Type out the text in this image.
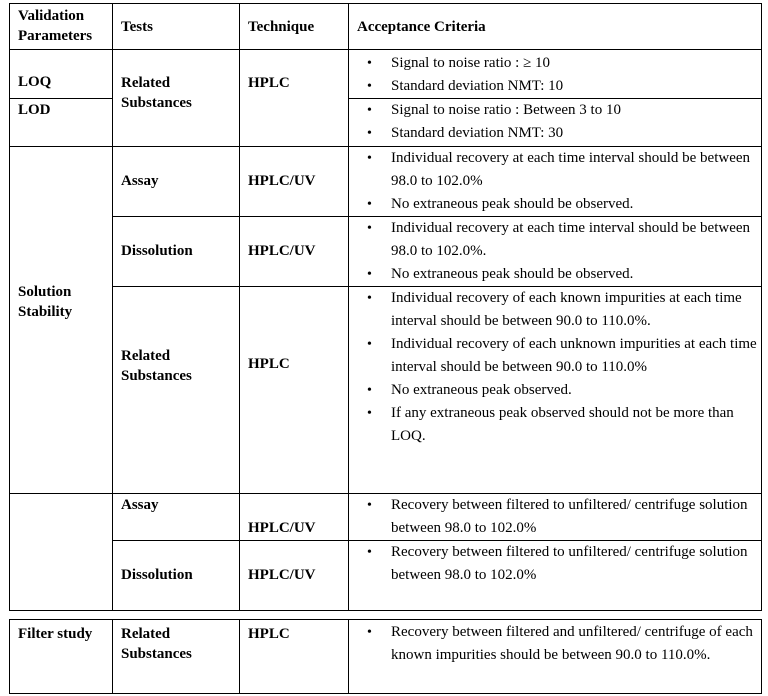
Validation Parameters
Tests	Technique	Acceptance Criteria
LOQ
LOD
Related Substances
HPLC
• Signal to noise ratio : ≥ 10
• Standard deviation NMT: 10
• Signal to noise ratio : Between 3 to 10
• Standard deviation NMT: 30
Solution Stability
Assay	HPLC/UV
• Individual recovery at each time interval should be between 98.0 to 102.0%
• No extraneous peak should be observed.
Dissolution	HPLC/UV
• Individual recovery at each time interval should be between 98.0 to 102.0%.
• No extraneous peak should be observed.
Related Substances
HPLC
• Individual recovery of each known impurities at each time interval should be between 90.0 to 110.0%.
• Individual recovery of each unknown impurities at each time interval should be between 90.0 to 110.0%
• No extraneous peak observed.
• If any extraneous peak observed should not be more than LOQ.
Assay
HPLC/UV
• Recovery between filtered to unfiltered/ centrifuge solution between 98.0 to 102.0%
Dissolution	HPLC/UV
• Recovery between filtered to unfiltered/ centrifuge solution between 98.0 to 102.0%
Filter study Related Substances
HPLC
•	Recovery between filtered and unfiltered/ centrifuge of each known impurities should be between 90.0 to 110.0%.
